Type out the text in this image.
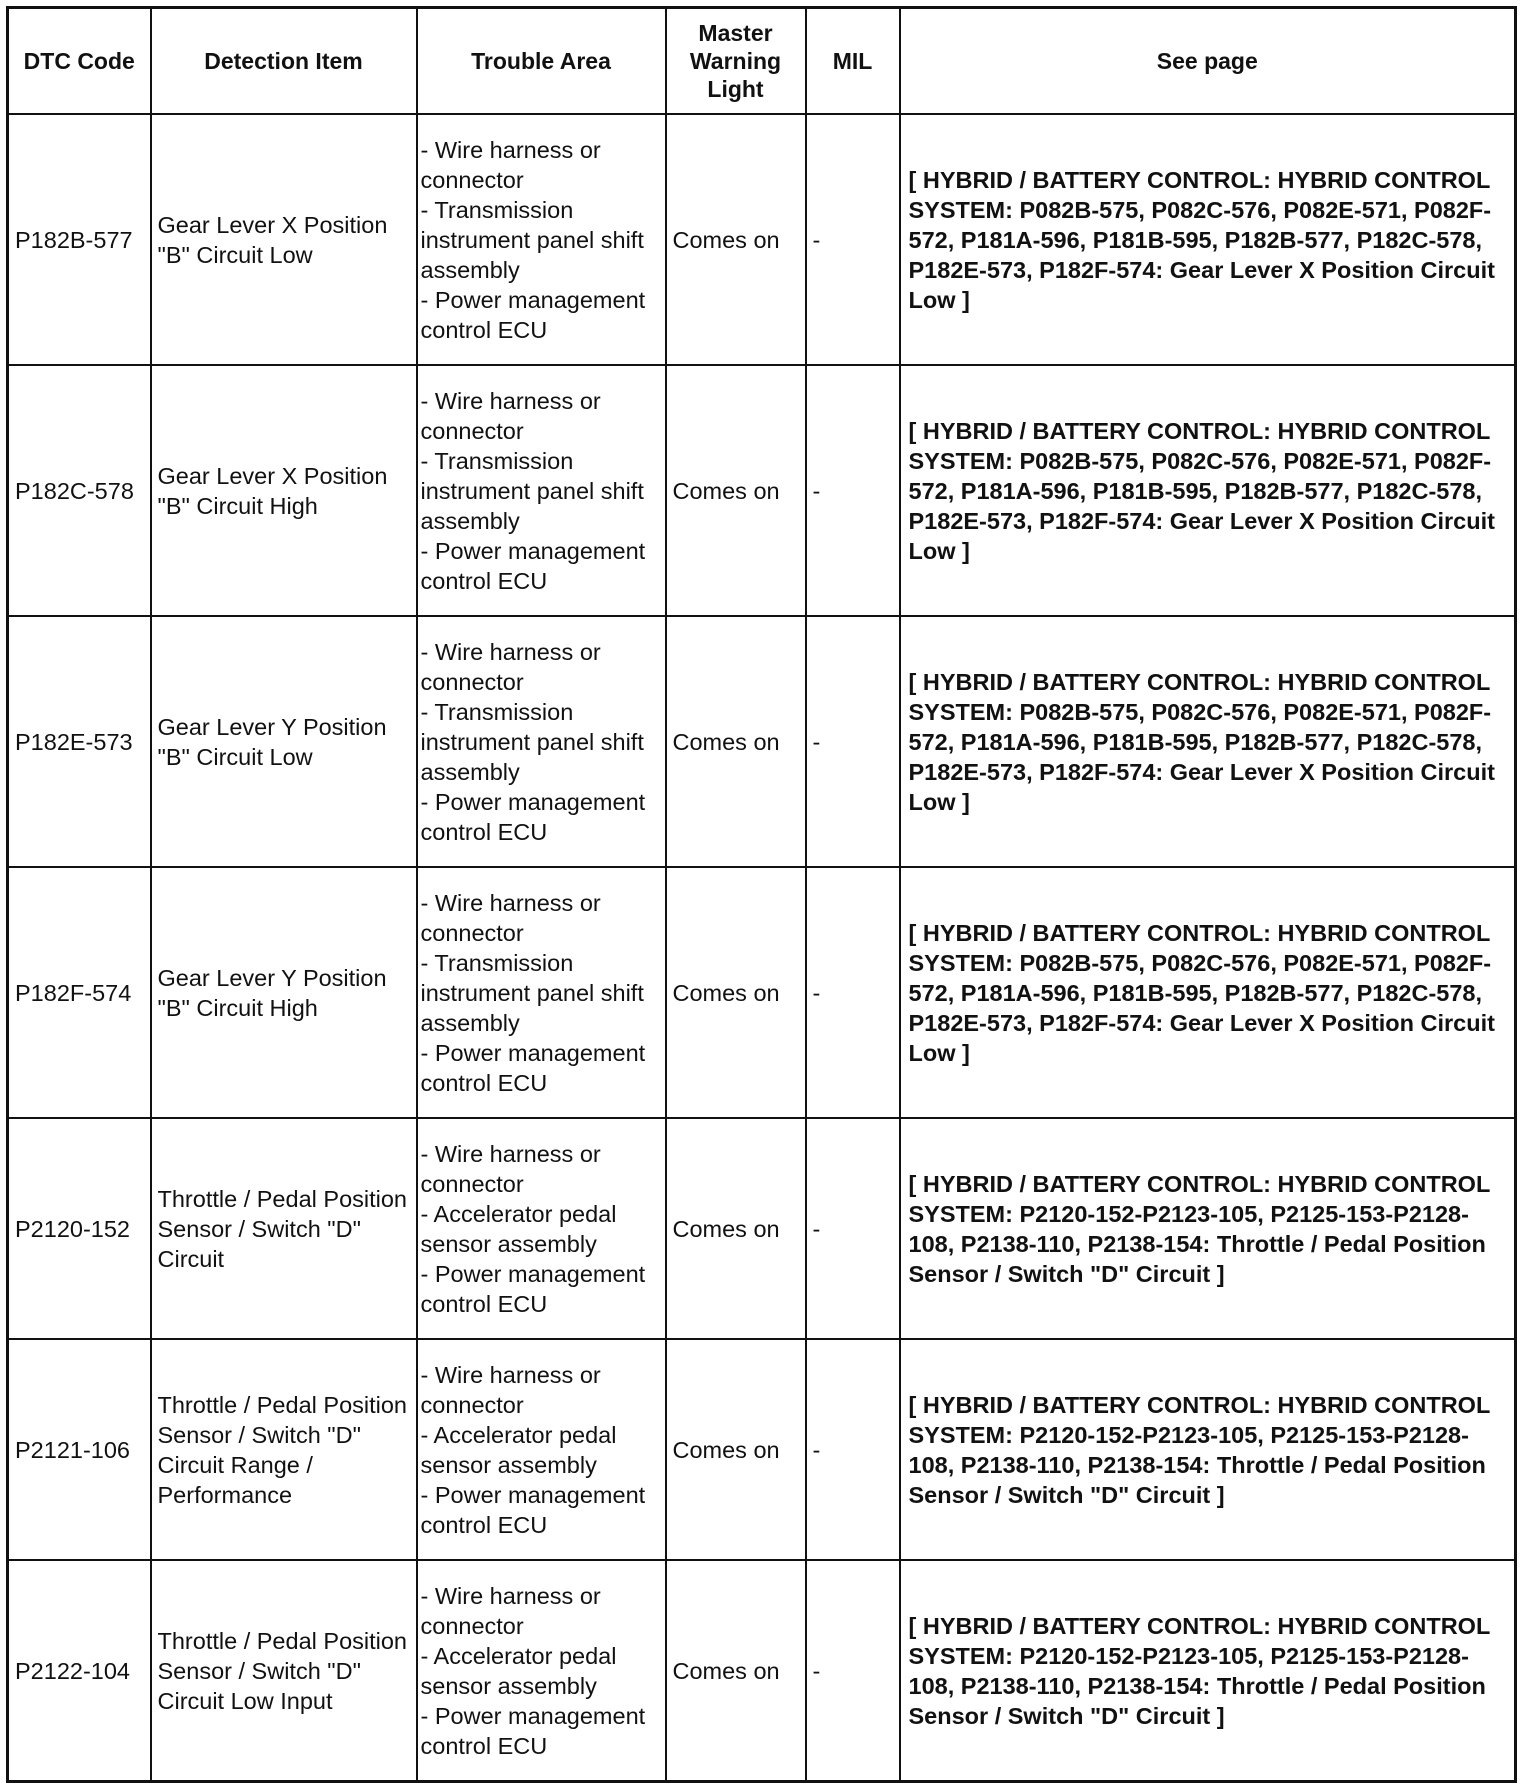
DTC Code	Detection Item	Trouble Area	Master Warning Light	MIL	See page
P182B-577	Gear Lever X Position "B" Circuit Low	- Wire harness or connector
- Transmission instrument panel shift assembly
- Power management control ECU	Comes on	-	[ HYBRID / BATTERY CONTROL: HYBRID CONTROL SYSTEM: P082B-575, P082C-576, P082E-571, P082F-572, P181A-596, P181B-595, P182B-577, P182C-578, P182E-573, P182F-574: Gear Lever X Position Circuit Low ]
P182C-578	Gear Lever X Position "B" Circuit High	- Wire harness or connector
- Transmission instrument panel shift assembly
- Power management control ECU	Comes on	-	[ HYBRID / BATTERY CONTROL: HYBRID CONTROL SYSTEM: P082B-575, P082C-576, P082E-571, P082F-572, P181A-596, P181B-595, P182B-577, P182C-578, P182E-573, P182F-574: Gear Lever X Position Circuit Low ]
P182E-573	Gear Lever Y Position "B" Circuit Low	- Wire harness or connector
- Transmission instrument panel shift assembly
- Power management control ECU	Comes on	-	[ HYBRID / BATTERY CONTROL: HYBRID CONTROL SYSTEM: P082B-575, P082C-576, P082E-571, P082F-572, P181A-596, P181B-595, P182B-577, P182C-578, P182E-573, P182F-574: Gear Lever X Position Circuit Low ]
P182F-574	Gear Lever Y Position "B" Circuit High	- Wire harness or connector
- Transmission instrument panel shift assembly
- Power management control ECU	Comes on	-	[ HYBRID / BATTERY CONTROL: HYBRID CONTROL SYSTEM: P082B-575, P082C-576, P082E-571, P082F-572, P181A-596, P181B-595, P182B-577, P182C-578, P182E-573, P182F-574: Gear Lever X Position Circuit Low ]
P2120-152	Throttle / Pedal Position Sensor / Switch "D" Circuit	- Wire harness or connector
- Accelerator pedal sensor assembly
- Power management control ECU	Comes on	-	[ HYBRID / BATTERY CONTROL: HYBRID CONTROL SYSTEM: P2120-152-P2123-105, P2125-153-P2128-108, P2138-110, P2138-154: Throttle / Pedal Position Sensor / Switch "D" Circuit ]
P2121-106	Throttle / Pedal Position Sensor / Switch "D" Circuit Range / Performance	- Wire harness or connector
- Accelerator pedal sensor assembly
- Power management control ECU	Comes on	-	[ HYBRID / BATTERY CONTROL: HYBRID CONTROL SYSTEM: P2120-152-P2123-105, P2125-153-P2128-108, P2138-110, P2138-154: Throttle / Pedal Position Sensor / Switch "D" Circuit ]
P2122-104	Throttle / Pedal Position Sensor / Switch "D" Circuit Low Input	- Wire harness or connector
- Accelerator pedal sensor assembly
- Power management control ECU	Comes on	-	[ HYBRID / BATTERY CONTROL: HYBRID CONTROL SYSTEM: P2120-152-P2123-105, P2125-153-P2128-108, P2138-110, P2138-154: Throttle / Pedal Position Sensor / Switch "D" Circuit ]
